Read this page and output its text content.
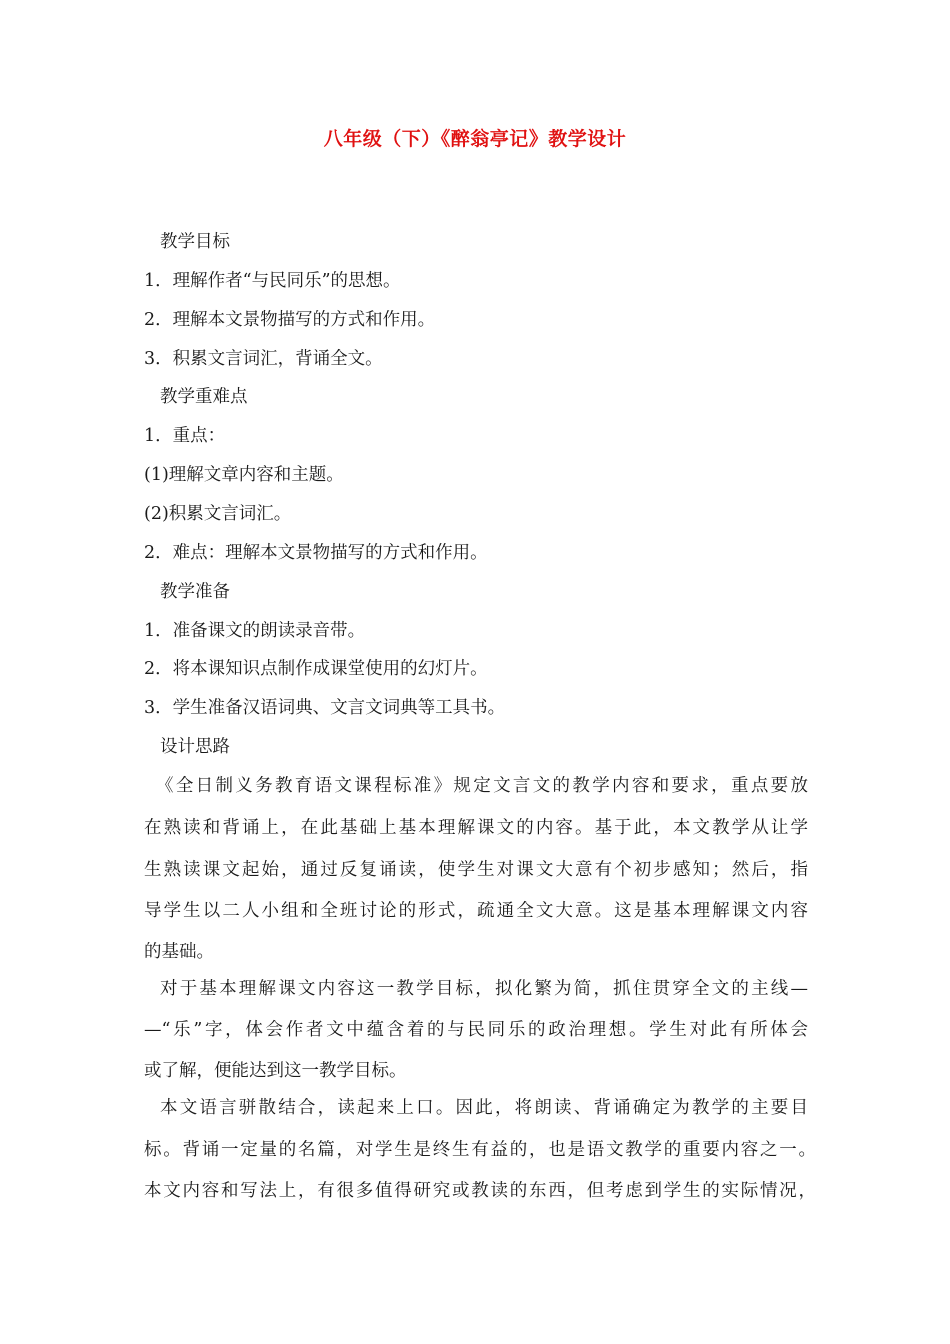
八年级（下）《醉翁亭记》教学设计

教学目标

1．理解作者“与民同乐”的思想。

2．理解本文景物描写的方式和作用。

3．积累文言词汇，背诵全文。

教学重难点

1．重点：

(1)理解文章内容和主题。

(2)积累文言词汇。

2．难点：理解本文景物描写的方式和作用。

教学准备

1．准备课文的朗读录音带。

2．将本课知识点制作成课堂使用的幻灯片。

3．学生准备汉语词典、文言文词典等工具书。

设计思路

《全日制义务教育语文课程标准》规定文言文的教学内容和要求，重点要放

在熟读和背诵上，在此基础上基本理解课文的内容。基于此，本文教学从让学

生熟读课文起始，通过反复诵读，使学生对课文大意有个初步感知；然后，指

导学生以二人小组和全班讨论的形式，疏通全文大意。这是基本理解课文内容

的基础。

对于基本理解课文内容这一教学目标，拟化繁为简，抓住贯穿全文的主线—

—“乐”字，体会作者文中蕴含着的与民同乐的政治理想。学生对此有所体会

或了解，便能达到这一教学目标。

本文语言骈散结合，读起来上口。因此，将朗读、背诵确定为教学的主要目

标。背诵一定量的名篇，对学生是终生有益的，也是语文教学的重要内容之一。

本文内容和写法上，有很多值得研究或教读的东西，但考虑到学生的实际情况，
